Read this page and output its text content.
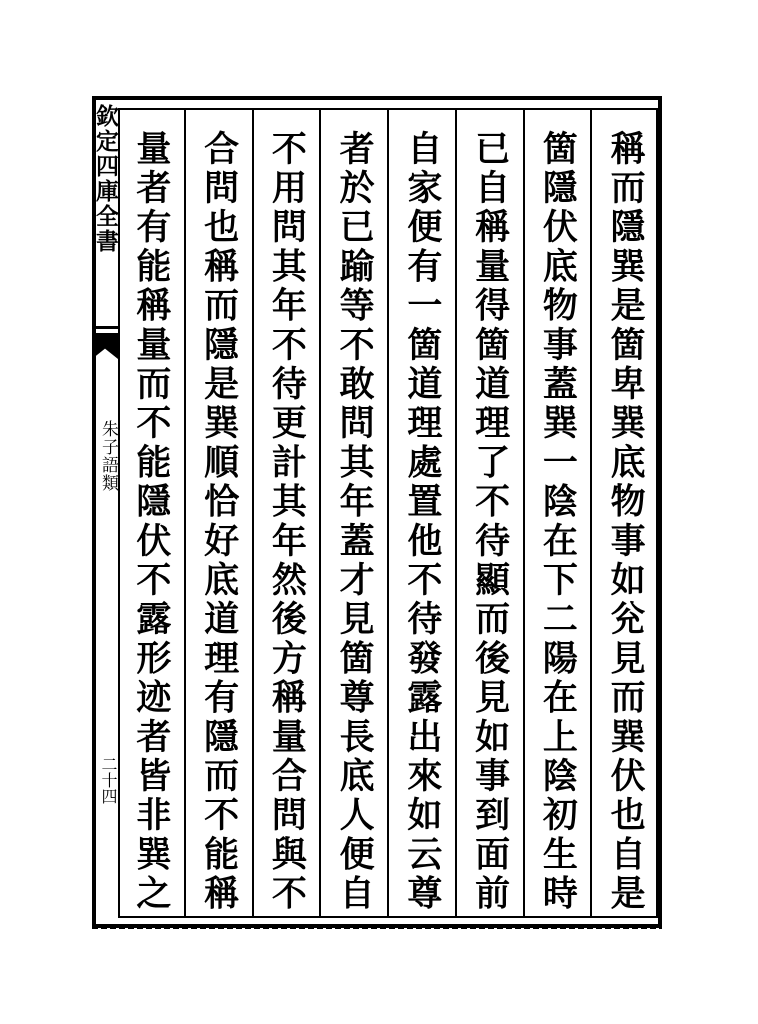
欽定四庫全書
朱子語類
二十四	稱而隱巽是箇卑巽底物事如兊見而巽伏也自是
箇隱伏底物事蓋巽一陰在下二陽在上陰初生時
已自稱量得箇道理了不待顯而後見如事到面前
自家便有一箇道理處置他不待發露出來如云尊
者於已踰等不敢問其年蓋才見箇尊長底人便自
不用問其年不待更計其年然後方稱量合問與不
合問也稱而隱是巽順恰好底道理有隱而不能稱
量者有能稱量而不能隱伏不露形迹者皆非巽之
